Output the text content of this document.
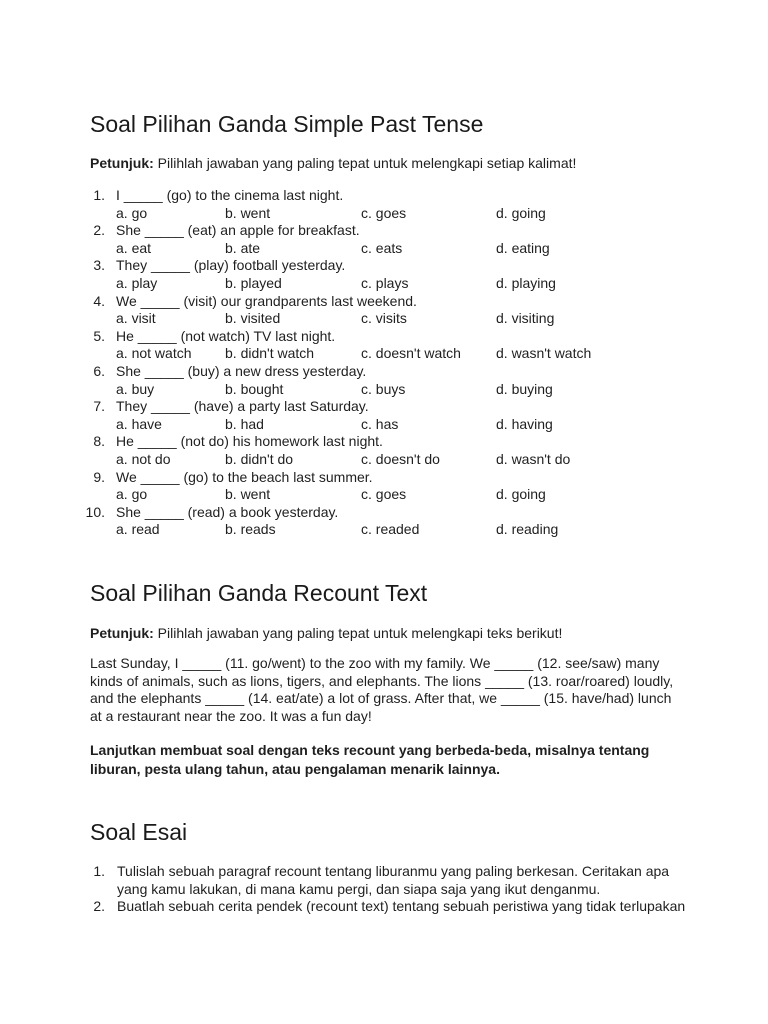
Soal Pilihan Ganda Simple Past Tense
Petunjuk: Pilihlah jawaban yang paling tepat untuk melengkapi setiap kalimat!
1. I _____ (go) to the cinema last night.
a. go	b. went	c. goes	d. going
2. She _____ (eat) an apple for breakfast.
a. eat	b. ate	c. eats	d. eating
3. They _____ (play) football yesterday.
a. play	b. played	c. plays	d. playing
4. We _____ (visit) our grandparents last weekend.
a. visit	b. visited	c. visits	d. visiting
5. He _____ (not watch) TV last night.
a. not watch b. didn't watch	c. doesn't watch	d. wasn't watch
6. She _____ (buy) a new dress yesterday.
a. buy	b. bought	c. buys	d. buying
7. They _____ (have) a party last Saturday.
a. have	b. had	c. has	d. having
8. He _____ (not do) his homework last night.
a. not do	b. didn't do	c. doesn't do	d. wasn't do
9. We _____ (go) to the beach last summer.
a. go	b. went	c. goes	d. going
10. She _____ (read) a book yesterday.
a. read	b. reads	c. readed	d. reading
Soal Pilihan Ganda Recount Text
Petunjuk: Pilihlah jawaban yang paling tepat untuk melengkapi teks berikut!

Last Sunday, I _____ (11. go/went) to the zoo with my family. We _____ (12. see/saw) many kinds of animals, such as lions, tigers, and elephants. The lions _____ (13. roar/roared) loudly, and the elephants _____ (14. eat/ate) a lot of grass. After that, we _____ (15. have/had) lunch at a restaurant near the zoo. It was a fun day!

Lanjutkan membuat soal dengan teks recount yang berbeda-beda, misalnya tentang liburan, pesta ulang tahun, atau pengalaman menarik lainnya.

Soal Esai
1. Tulislah sebuah paragraf recount tentang liburanmu yang paling berkesan. Ceritakan apa yang kamu lakukan, di mana kamu pergi, dan siapa saja yang ikut denganmu.
2. Buatlah sebuah cerita pendek (recount text) tentang sebuah peristiwa yang tidak terlupakan
